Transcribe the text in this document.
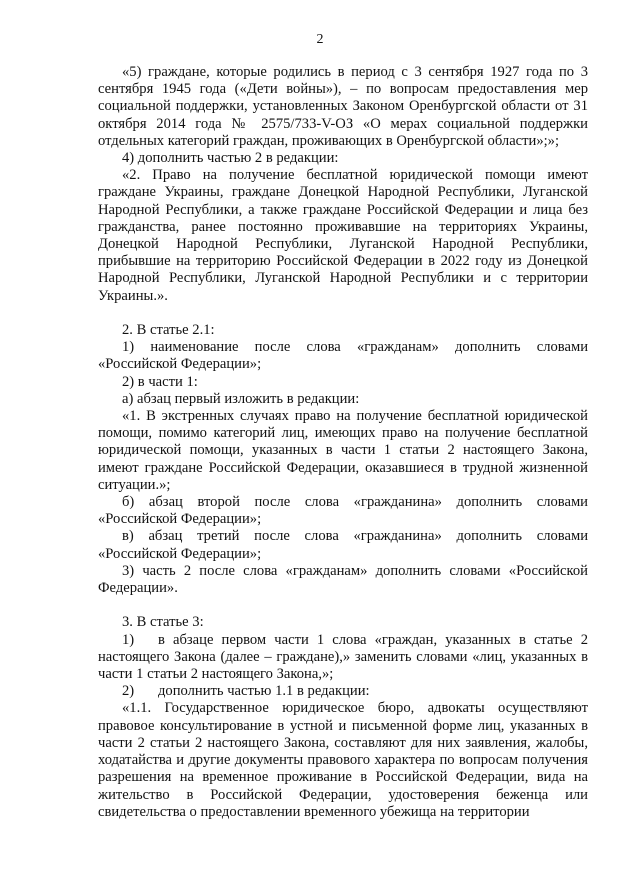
2

«5) граждане, которые родились в период с 3 сентября 1927 года по 3 сентября 1945 года («Дети войны»), – по вопросам предоставления мер социальной поддержки, установленных Законом Оренбургской области от 31 октября 2014 года № 2575/733-V-ОЗ «О мерах социальной поддержки отдельных категорий граждан, проживающих в Оренбургской области»;»;

4) дополнить частью 2 в редакции:

«2. Право на получение бесплатной юридической помощи имеют граждане Украины, граждане Донецкой Народной Республики, Луганской Народной Республики, а также граждане Российской Федерации и лица без гражданства, ранее постоянно проживавшие на территориях Украины, Донецкой Народной Республики, Луганской Народной Республики, прибывшие на территорию Российской Федерации в 2022 году из Донецкой Народной Республики, Луганской Народной Республики и с территории Украины.».

2. В статье 2.1:

1) наименование после слова «гражданам» дополнить словами «Российской Федерации»;

2) в части 1:

а) абзац первый изложить в редакции:

«1. В экстренных случаях право на получение бесплатной юридической помощи, помимо категорий лиц, имеющих право на получение бесплатной юридической помощи, указанных в части 1 статьи 2 настоящего Закона, имеют граждане Российской Федерации, оказавшиеся в трудной жизненной ситуации.»;

б) абзац второй после слова «гражданина» дополнить словами «Российской Федерации»;

в) абзац третий после слова «гражданина» дополнить словами «Российской Федерации»;

3) часть 2 после слова «гражданам» дополнить словами «Российской Федерации».

3. В статье 3:

1) в абзаце первом части 1 слова «граждан, указанных в статье 2 настоящего Закона (далее – граждане),» заменить словами «лиц, указанных в части 1 статьи 2 настоящего Закона,»;

2) дополнить частью 1.1 в редакции:

«1.1. Государственное юридическое бюро, адвокаты осуществляют правовое консультирование в устной и письменной форме лиц, указанных в части 2 статьи 2 настоящего Закона, составляют для них заявления, жалобы, ходатайства и другие документы правового характера по вопросам получения разрешения на временное проживание в Российской Федерации, вида на жительство в Российской Федерации, удостоверения беженца или свидетельства о предоставлении временного убежища на территории
